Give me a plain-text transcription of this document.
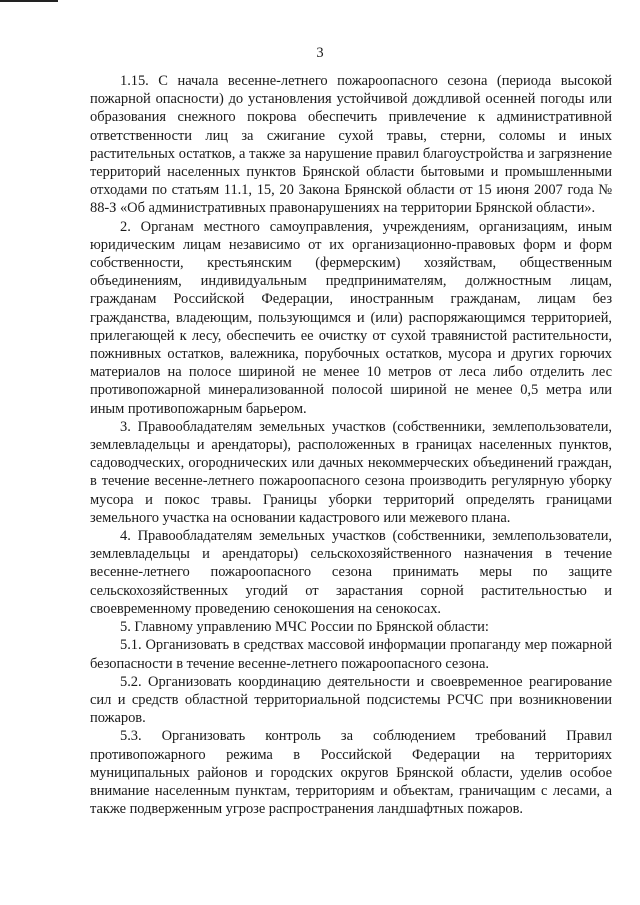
3

1.15. С начала весенне-летнего пожароопасного сезона (периода высокой пожарной опасности) до установления устойчивой дождливой осенней погоды или образования снежного покрова обеспечить привлечение к административной ответственности лиц за сжигание сухой травы, стерни, соломы и иных растительных остатков, а также за нарушение правил благоустройства и загрязнение территорий населенных пунктов Брянской области бытовыми и промышленными отходами по статьям 11.1, 15, 20 Закона Брянской области от 15 июня 2007 года № 88-З «Об административных правонарушениях на территории Брянской области».

2. Органам местного самоуправления, учреждениям, организациям, иным юридическим лицам независимо от их организационно-правовых форм и форм собственности, крестьянским (фермерским) хозяйствам, общественным объединениям, индивидуальным предпринимателям, должностным лицам, гражданам Российской Федерации, иностранным гражданам, лицам без гражданства, владеющим, пользующимся и (или) распоряжающимся территорией, прилегающей к лесу, обеспечить ее очистку от сухой травянистой растительности, пожнивных остатков, валежника, порубочных остатков, мусора и других горючих материалов на полосе шириной не менее 10 метров от леса либо отделить лес противопожарной минерализованной полосой шириной не менее 0,5 метра или иным противопожарным барьером.

3. Правообладателям земельных участков (собственники, землепользователи, землевладельцы и арендаторы), расположенных в границах населенных пунктов, садоводческих, огороднических или дачных некоммерческих объединений граждан, в течение весенне-летнего пожароопасного сезона производить регулярную уборку мусора и покос травы. Границы уборки территорий определять границами земельного участка на основании кадастрового или межевого плана.

4. Правообладателям земельных участков (собственники, землепользователи, землевладельцы и арендаторы) сельскохозяйственного назначения в течение весенне-летнего пожароопасного сезона принимать меры по защите сельскохозяйственных угодий от зарастания сорной растительностью и своевременному проведению сенокошения на сенокосах.

5. Главному управлению МЧС России по Брянской области:

5.1. Организовать в средствах массовой информации пропаганду мер пожарной безопасности в течение весенне-летнего пожароопасного сезона.

5.2. Организовать координацию деятельности и своевременное реагирование сил и средств областной территориальной подсистемы РСЧС при возникновении пожаров.

5.3. Организовать контроль за соблюдением требований Правил противопожарного режима в Российской Федерации на территориях муниципальных районов и городских округов Брянской области, уделив особое внимание населенным пунктам, территориям и объектам, граничащим с лесами, а также подверженным угрозе распространения ландшафтных пожаров.
